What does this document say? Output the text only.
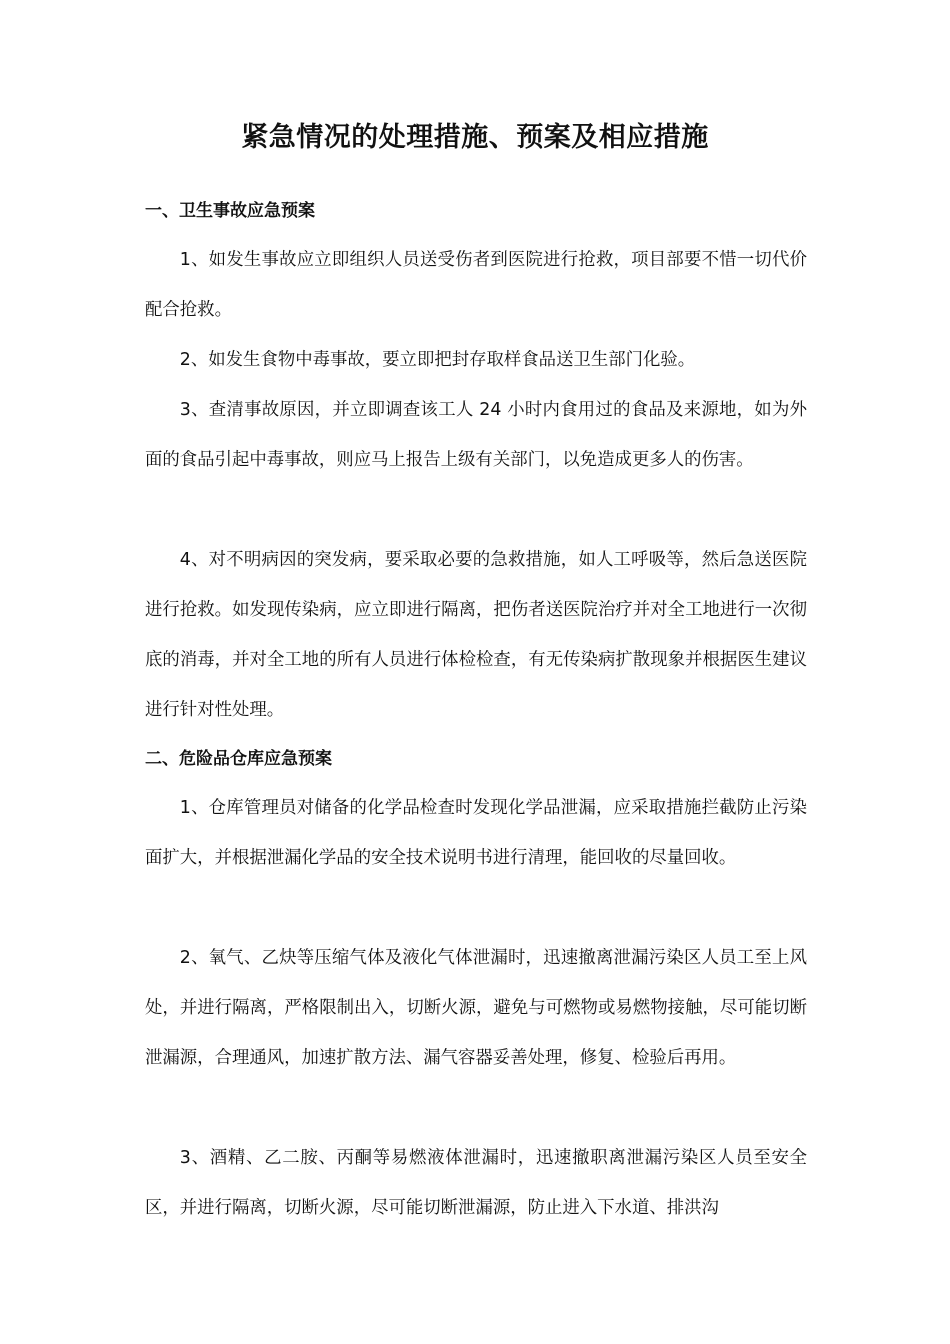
紧急情况的处理措施、预案及相应措施
一、卫生事故应急预案
1、如发生事故应立即组织人员送受伤者到医院进行抢救，项目部要不惜一切代价配合抢救。
2、如发生食物中毒事故，要立即把封存取样食品送卫生部门化验。
3、查清事故原因，并立即调查该工人 24 小时内食用过的食品及来源地，如为外面的食品引起中毒事故，则应马上报告上级有关部门，以免造成更多人的伤害。
4、对不明病因的突发病，要采取必要的急救措施，如人工呼吸等，然后急送医院进行抢救。如发现传染病，应立即进行隔离，把伤者送医院治疗并对全工地进行一次彻底的消毒，并对全工地的所有人员进行体检检查，有无传染病扩散现象并根据医生建议进行针对性处理。
二、危险品仓库应急预案
1、仓库管理员对储备的化学品检查时发现化学品泄漏，应采取措施拦截防止污染面扩大，并根据泄漏化学品的安全技术说明书进行清理，能回收的尽量回收。
2、氧气、乙炔等压缩气体及液化气体泄漏时，迅速撤离泄漏污染区人员工至上风处，并进行隔离，严格限制出入，切断火源，避免与可燃物或易燃物接触，尽可能切断泄漏源，合理通风，加速扩散方法、漏气容器妥善处理，修复、检验后再用。
3、酒精、乙二胺、丙酮等易燃液体泄漏时，迅速撤职离泄漏污染区人员至安全区，并进行隔离，切断火源，尽可能切断泄漏源，防止进入下水道、排洪沟
